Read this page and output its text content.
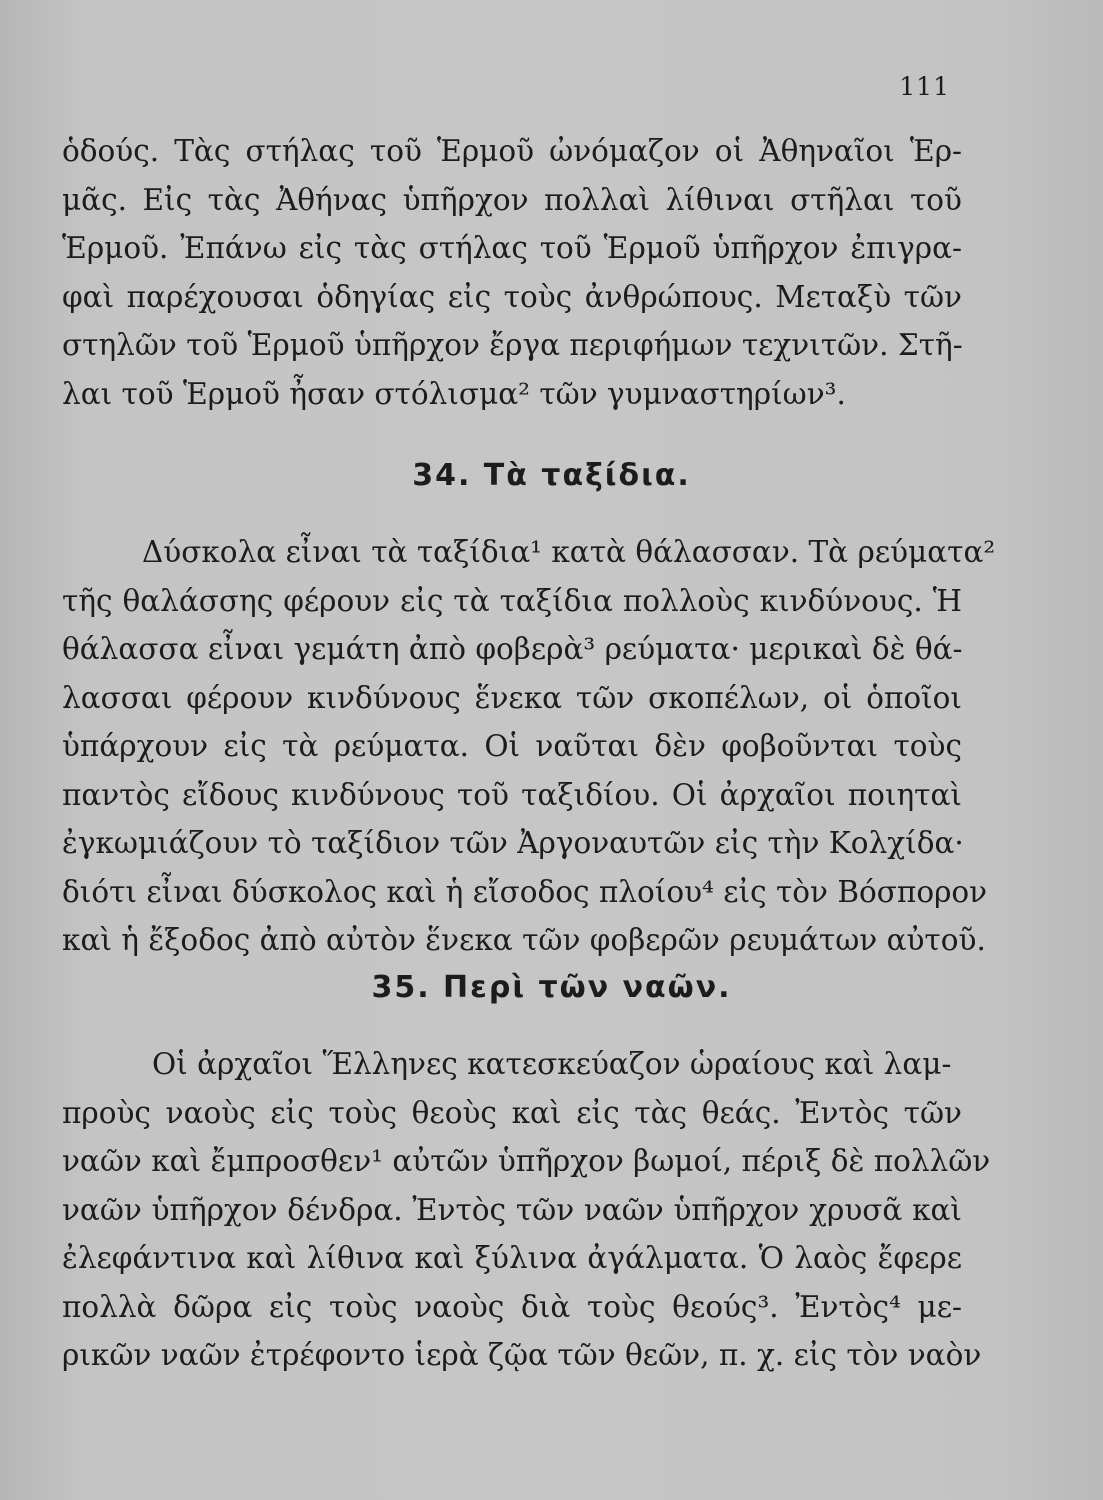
111
ὁδούς. Τὰς στήλας τοῦ Ἑρμοῦ ὠνόμαζον οἱ Ἀθηναῖοι Ἑρ-
μᾶς. Εἰς τὰς Ἀθήνας ὑπῆρχον πολλαὶ λίθιναι στῆλαι τοῦ
Ἑρμοῦ. Ἐπάνω εἰς τὰς στήλας τοῦ Ἑρμοῦ ὑπῆρχον ἐπιγρα-
φαὶ παρέχουσαι ὁδηγίας εἰς τοὺς ἀνθρώπους. Μεταξὺ τῶν
στηλῶν τοῦ Ἑρμοῦ ὑπῆρχον ἔργα περιφήμων τεχνιτῶν. Στῆ-
λαι τοῦ Ἑρμοῦ ἦσαν στόλισμα² τῶν γυμναστηρίων³.
34. Τὰ ταξίδια.
Δύσκολα εἶναι τὰ ταξίδια¹ κατὰ θάλασσαν. Τὰ ρεύματα²
τῆς θαλάσσης φέρουν εἰς τὰ ταξίδια πολλοὺς κινδύνους. Ἡ
θάλασσα εἶναι γεμάτη ἀπὸ φοβερὰ³ ρεύματα· μερικαὶ δὲ θά-
λασσαι φέρουν κινδύνους ἕνεκα τῶν σκοπέλων, οἱ ὁποῖοι
ὑπάρχουν εἰς τὰ ρεύματα. Οἱ ναῦται δὲν φοβοῦνται τοὺς
παντὸς εἴδους κινδύνους τοῦ ταξιδίου. Οἱ ἀρχαῖοι ποιηταὶ
ἐγκωμιάζουν τὸ ταξίδιον τῶν Ἀργοναυτῶν εἰς τὴν Κολχίδα·
διότι εἶναι δύσκολος καὶ ἡ εἴσοδος πλοίου⁴ εἰς τὸν Βόσπορον
καὶ ἡ ἔξοδος ἀπὸ αὐτὸν ἕνεκα τῶν φοβερῶν ρευμάτων αὐτοῦ.
35. Περὶ τῶν ναῶν.
Οἱ ἀρχαῖοι Ἕλληνες κατεσκεύαζον ὡραίους καὶ λαμ-
προὺς ναοὺς εἰς τοὺς θεοὺς καὶ εἰς τὰς θεάς. Ἐντὸς τῶν
ναῶν καὶ ἔμπροσθεν¹ αὐτῶν ὑπῆρχον βωμοί, πέριξ δὲ πολλῶν
ναῶν ὑπῆρχον δένδρα. Ἐντὸς τῶν ναῶν ὑπῆρχον χρυσᾶ καὶ
ἐλεφάντινα καὶ λίθινα καὶ ξύλινα ἀγάλματα. Ὁ λαὸς ἔφερε
πολλὰ δῶρα εἰς τοὺς ναοὺς διὰ τοὺς θεούς³. Ἐντὸς⁴ με-
ρικῶν ναῶν ἐτρέφοντο ἱερὰ ζῷα τῶν θεῶν, π. χ. εἰς τὸν ναὸν
